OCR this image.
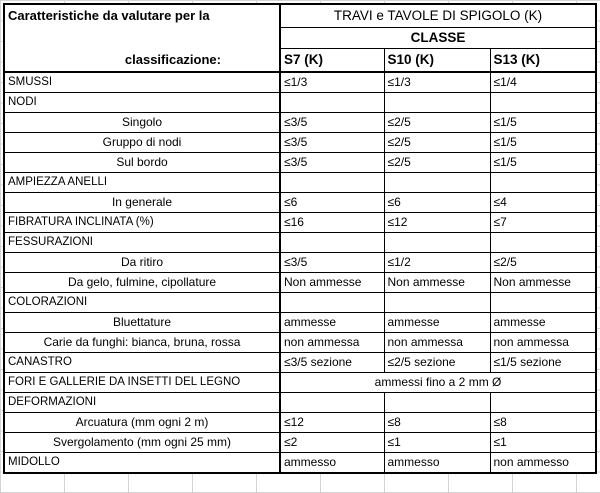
Caratteristiche da valutare per la	TRAVI e TAVOLE DI SPIGOLO (K)		
	CLASSE		
classificazione:	S7 (K)	S10 (K)	S13 (K)
SMUSSI	≤1/3	≤1/3	≤1/4
NODI			
Singolo	≤3/5	≤2/5	≤1/5
Gruppo di nodi	≤3/5	≤2/5	≤1/5
Sul bordo	≤3/5	≤2/5	≤1/5
AMPIEZZA ANELLI			
In generale	≤6	≤6	≤4
FIBRATURA INCLINATA (%)	≤16	≤12	≤7
FESSURAZIONI			
Da ritiro	≤3/5	≤1/2	≤2/5
Da gelo, fulmine, cipollature	Non ammesse	Non ammesse	Non ammesse
COLORAZIONI			
Bluettature	ammesse	ammesse	ammesse
Carie da funghi: bianca, bruna, rossa	non ammessa	non ammessa	non ammessa
CANASTRO	≤3/5 sezione	≤2/5 sezione	≤1/5 sezione
FORI E GALLERIE DA INSETTI DEL LEGNO	ammessi fino a 2 mm Ø		
DEFORMAZIONI			
Arcuatura (mm ogni 2 m)	≤12	≤8	≤8
Svergolamento (mm ogni 25 mm)	≤2	≤1	≤1
MIDOLLO	ammesso	ammesso	non ammesso
